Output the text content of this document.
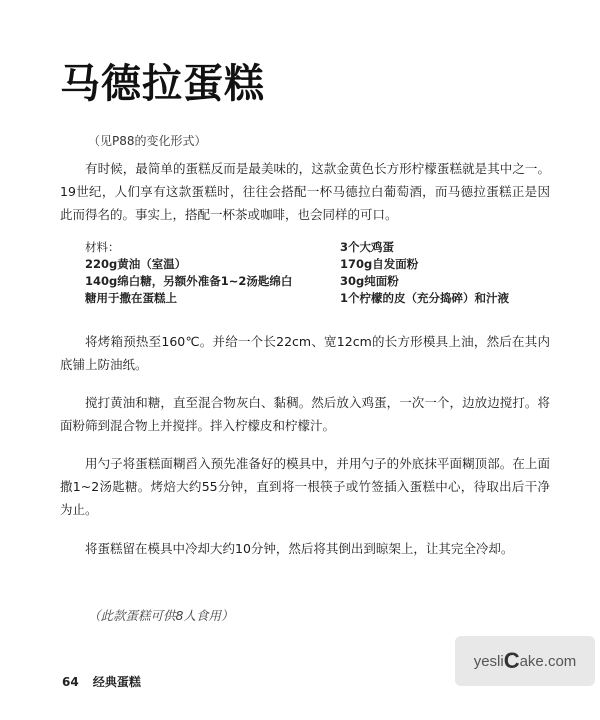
马德拉蛋糕

（见P88的变化形式）

有时候，最简单的蛋糕反而是最美味的，这款金黄色长方形柠檬蛋糕就是其中之一。19世纪，人们享有这款蛋糕时，往往会搭配一杯马德拉白葡萄酒，而马德拉蛋糕正是因此而得名的。事实上，搭配一杯茶或咖啡，也会同样的可口。

材料：
220g黄油（室温）
140g绵白糖，另额外准备1~2汤匙绵白
糖用于撒在蛋糕上
3个大鸡蛋
170g自发面粉
30g纯面粉
1个柠檬的皮（充分捣碎）和汁液

将烤箱预热至160℃。并给一个长22cm、宽12cm的长方形模具上油，然后在其内底铺上防油纸。

搅打黄油和糖，直至混合物灰白、黏稠。然后放入鸡蛋，一次一个，边放边搅打。将面粉筛到混合物上并搅拌。拌入柠檬皮和柠檬汁。

用勺子将蛋糕面糊舀入预先准备好的模具中，并用勺子的外底抹平面糊顶部。在上面撒1~2汤匙糖。烤焙大约55分钟，直到将一根筷子或竹签插入蛋糕中心，待取出后干净为止。

将蛋糕留在模具中冷却大约10分钟，然后将其倒出到晾架上，让其完全冷却。

（此款蛋糕可供8人食用）

64 经典蛋糕
yesli C ake .com
